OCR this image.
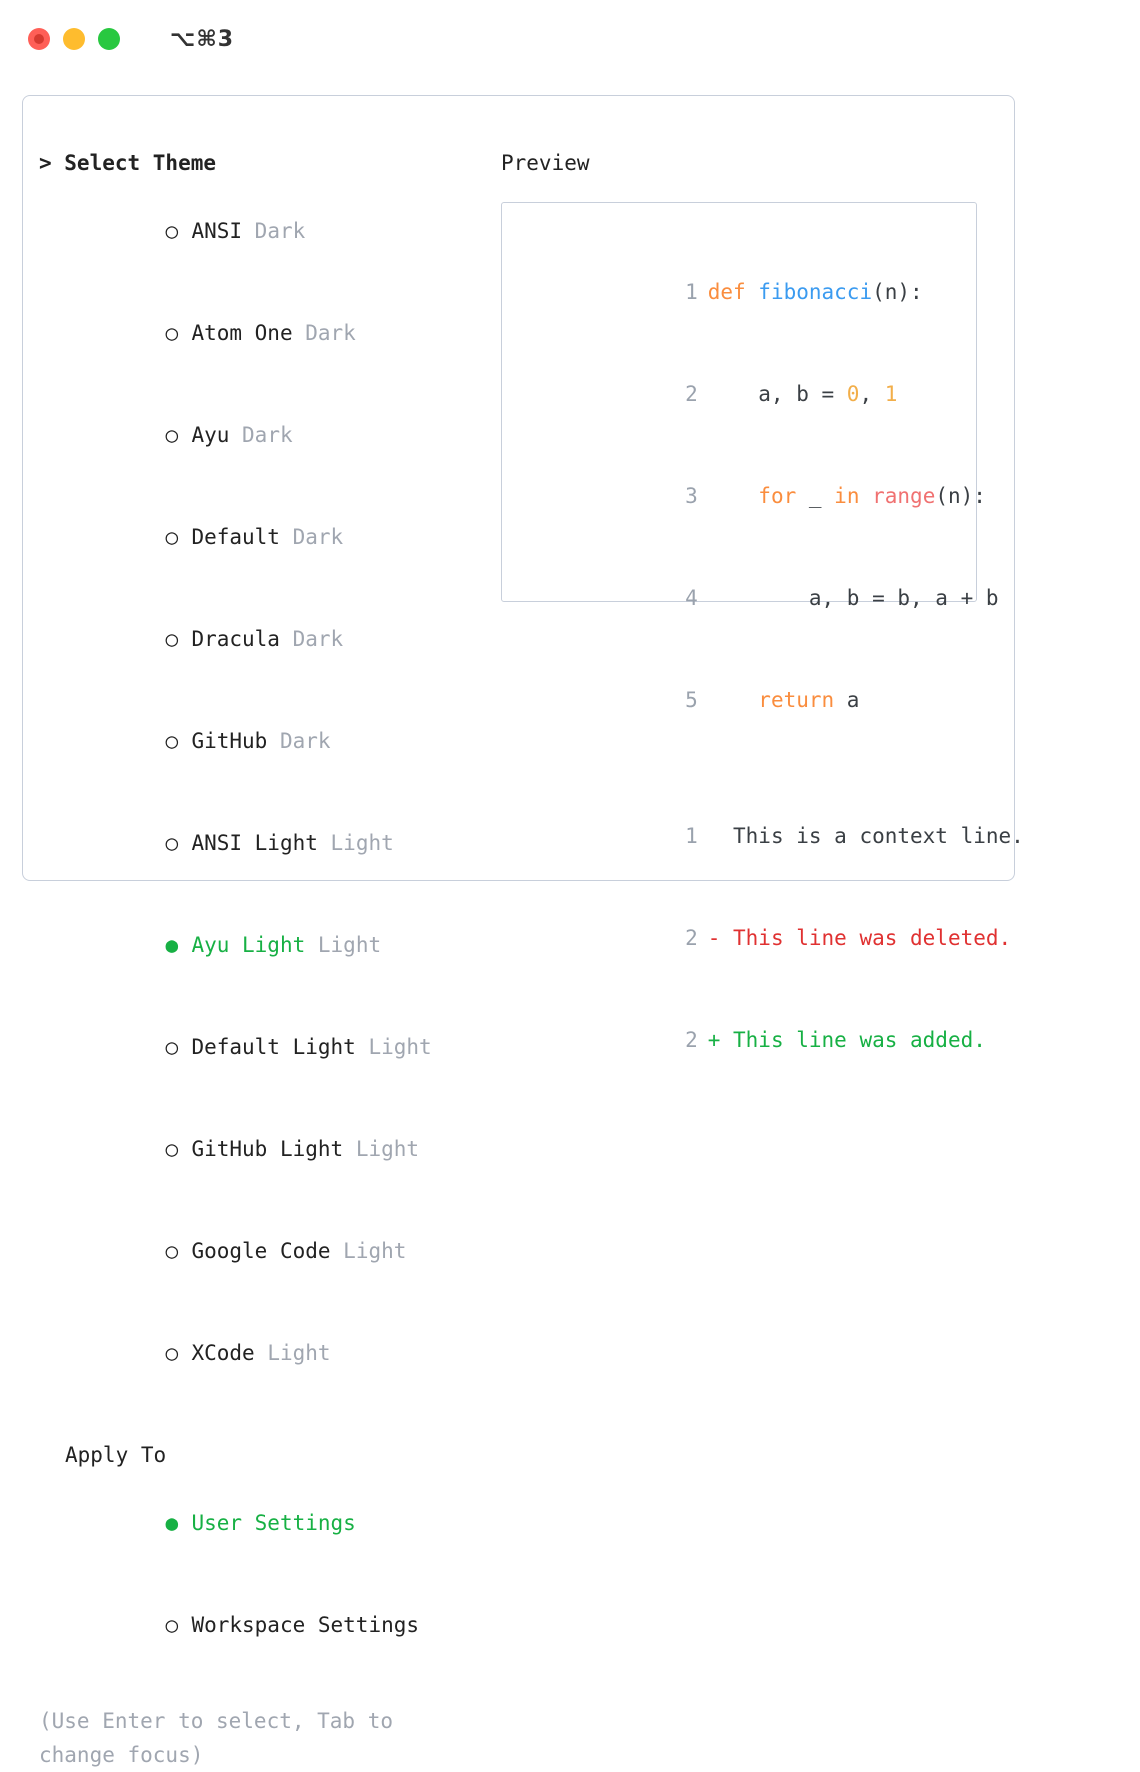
⌥⌘3
> Select Theme

○ ANSI Dark

○ Atom One Dark

○ Ayu Dark

○ Default Dark

○ Dracula Dark

○ GitHub Dark

○ ANSI Light Light

● Ayu Light Light

○ Default Light Light

○ GitHub Light Light

○ Google Code Light

○ XCode Light

Apply To

● User Settings

○ Workspace Settings

(Use Enter to select, Tab to change focus)
Preview

1 def fibonacci(n):

2    a, b = 0, 1

3	for _ in range(n):

4        a, b = b, a + b

5	return a

1  This is a context line.

2 - This line was deleted.

2 + This line was added.
